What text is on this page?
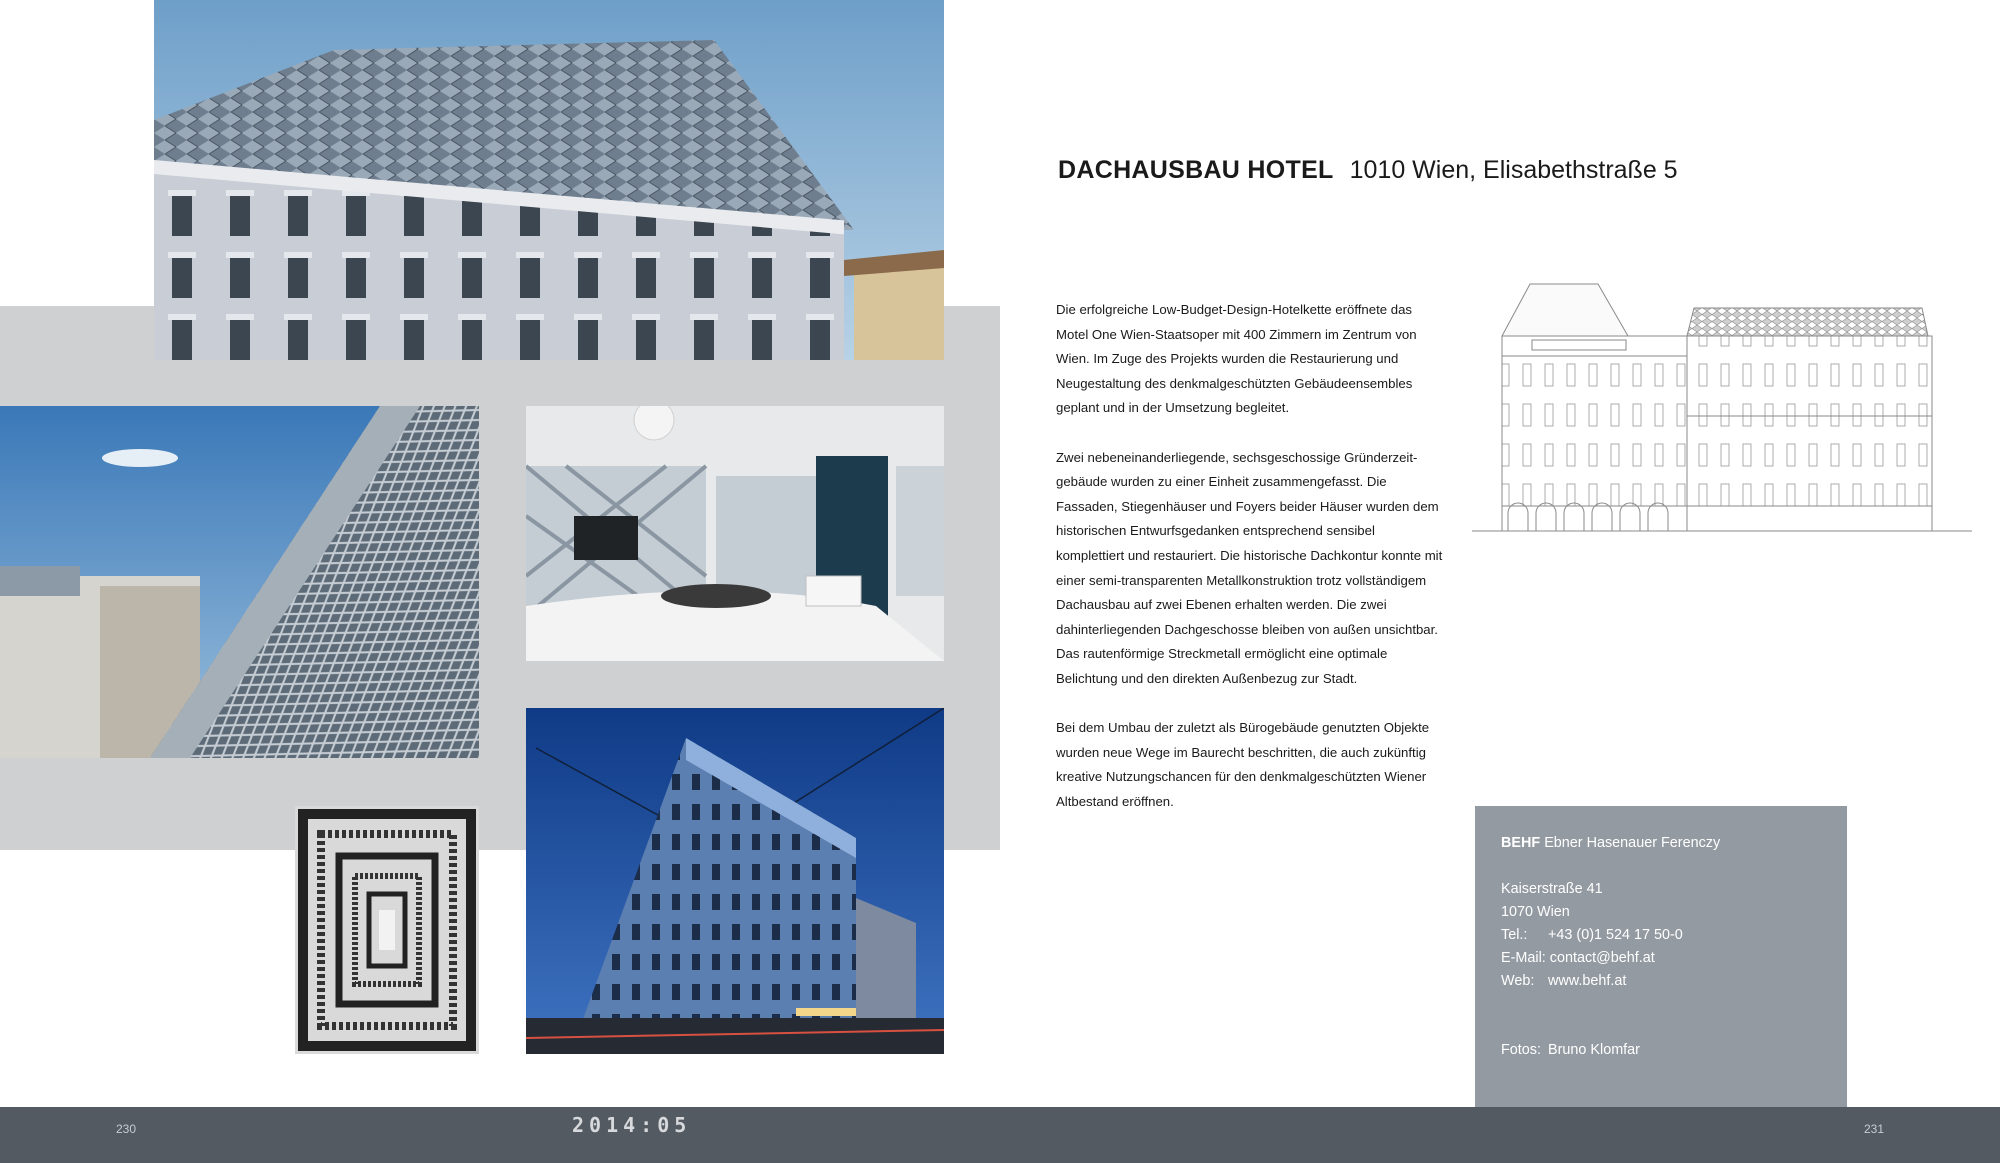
DACHAUSBAU HOTEL 1010 Wien, Elisabethstraße 5

Die erfolgreiche Low-Budget-Design-Hotelkette eröffnete das Motel One Wien-Staatsoper mit 400 Zimmern im Zentrum von Wien. Im Zuge des Projekts wurden die Restaurierung und Neugestaltung des denkmalgeschützten Gebäudeensembles geplant und in der Umsetzung begleitet.

Zwei nebeneinanderliegende, sechsgeschossige Gründerzeit-gebäude wurden zu einer Einheit zusammengefasst. Die Fassaden, Stiegenhäuser und Foyers beider Häuser wurden dem historischen Entwurfsgedanken entsprechend sensibel komplettiert und restauriert. Die historische Dachkontur konnte mit einer semi-transparenten Metallkonstruktion trotz vollständigem Dachausbau auf zwei Ebenen erhalten werden. Die zwei dahinterliegenden Dachgeschosse bleiben von außen unsichtbar. Das rautenförmige Streckmetall ermöglicht eine optimale Belichtung und den direkten Außenbezug zur Stadt.

Bei dem Umbau der zuletzt als Bürogebäude genutzten Objekte wurden neue Wege im Baurecht beschritten, die auch zukünftig kreative Nutzungschancen für den denkmalgeschützten Wiener Altbestand eröffnen.

BEHF Ebner Hasenauer Ferenczy
Kaiserstraße 41
1070 Wien
Tel.: +43 (0)1 524 17 50-0
E-Mail: contact@behf.at
Web: www.behf.at
Fotos: Bruno Klomfar
230	2014:05	231
